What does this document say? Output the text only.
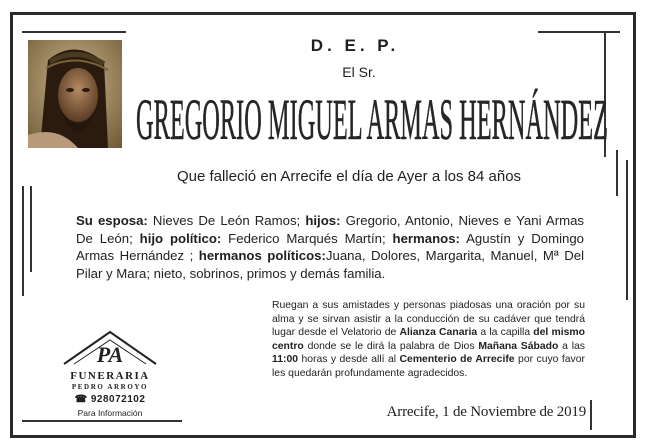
D. E. P.
El Sr.
GREGORIO MIGUEL ARMAS HERNÁNDEZ
Que falleció en Arrecife el día de Ayer a los 84 años
Su esposa: Nieves De León Ramos; hijos: Gregorio, Antonio, Nieves e Yani Armas De León; hijo político: Federico Marqués Martín; hermanos: Agustín y Domingo Armas Hernández ; hermanos políticos:Juana, Dolores, Margarita, Manuel, Mª Del Pilar y Mara; nieto, sobrinos, primos y demás familia.
Ruegan a sus amistades y personas piadosas una oración por su alma y se sirvan asistir a la conducción de su cadáver que tendrá lugar desde el Velatorio de Alianza Canaria a la capilla del mismo centro donde se le dirá la palabra de Dios Mañana Sábado a las 11:00 horas y desde allí al Cementerio de Arrecife por cuyo favor les quedarán profundamente agradecidos.
Arrecife, 1 de Noviembre de 2019
PA
FUNERARIA
PEDRO ARROYO
☎ 928072102
Para Información
